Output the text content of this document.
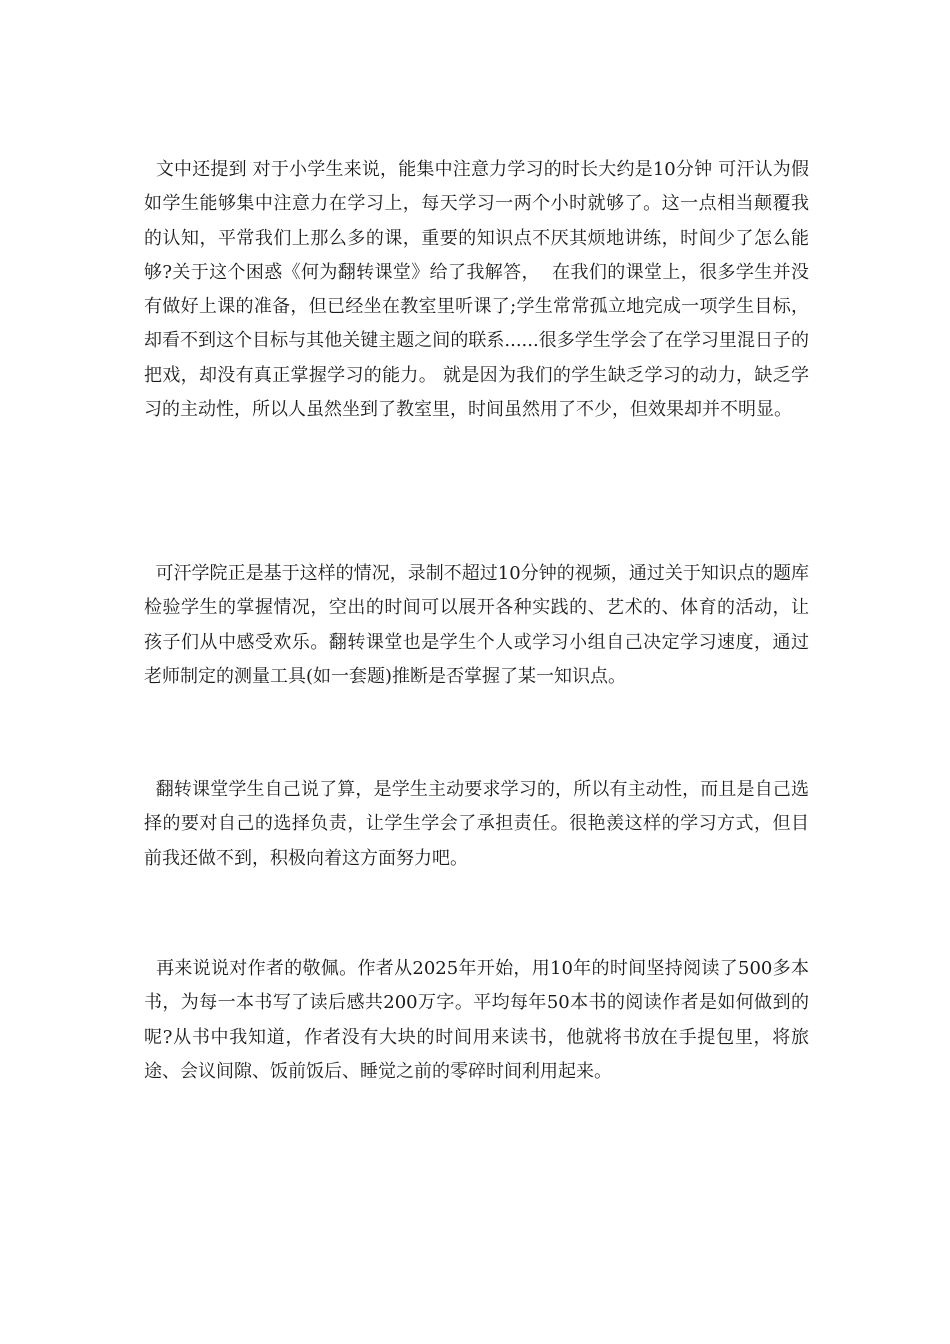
文中还提到 对于小学生来说，能集中注意力学习的时长大约是10分钟 可汗认为假如学生能够集中注意力在学习上，每天学习一两个小时就够了。这一点相当颠覆我的认知，平常我们上那么多的课，重要的知识点不厌其烦地讲练，时间少了怎么能够?关于这个困惑《何为翻转课堂》给了我解答，  在我们的课堂上，很多学生并没有做好上课的准备，但已经坐在教室里听课了;学生常常孤立地完成一项学生目标，却看不到这个目标与其他关键主题之间的联系......很多学生学会了在学习里混日子的把戏，却没有真正掌握学习的能力。 就是因为我们的学生缺乏学习的动力，缺乏学习的主动性，所以人虽然坐到了教室里，时间虽然用了不少，但效果却并不明显。

可汗学院正是基于这样的情况，录制不超过10分钟的视频，通过关于知识点的题库检验学生的掌握情况，空出的时间可以展开各种实践的、艺术的、体育的活动，让孩子们从中感受欢乐。翻转课堂也是学生个人或学习小组自己决定学习速度，通过老师制定的测量工具(如一套题)推断是否掌握了某一知识点。

翻转课堂学生自己说了算，是学生主动要求学习的，所以有主动性，而且是自己选择的要对自己的选择负责，让学生学会了承担责任。很艳羡这样的学习方式，但目前我还做不到，积极向着这方面努力吧。

再来说说对作者的敬佩。作者从2025年开始，用10年的时间坚持阅读了500多本书，为每一本书写了读后感共200万字。平均每年50本书的阅读作者是如何做到的呢?从书中我知道，作者没有大块的时间用来读书，他就将书放在手提包里，将旅途、会议间隙、饭前饭后、睡觉之前的零碎时间利用起来。
